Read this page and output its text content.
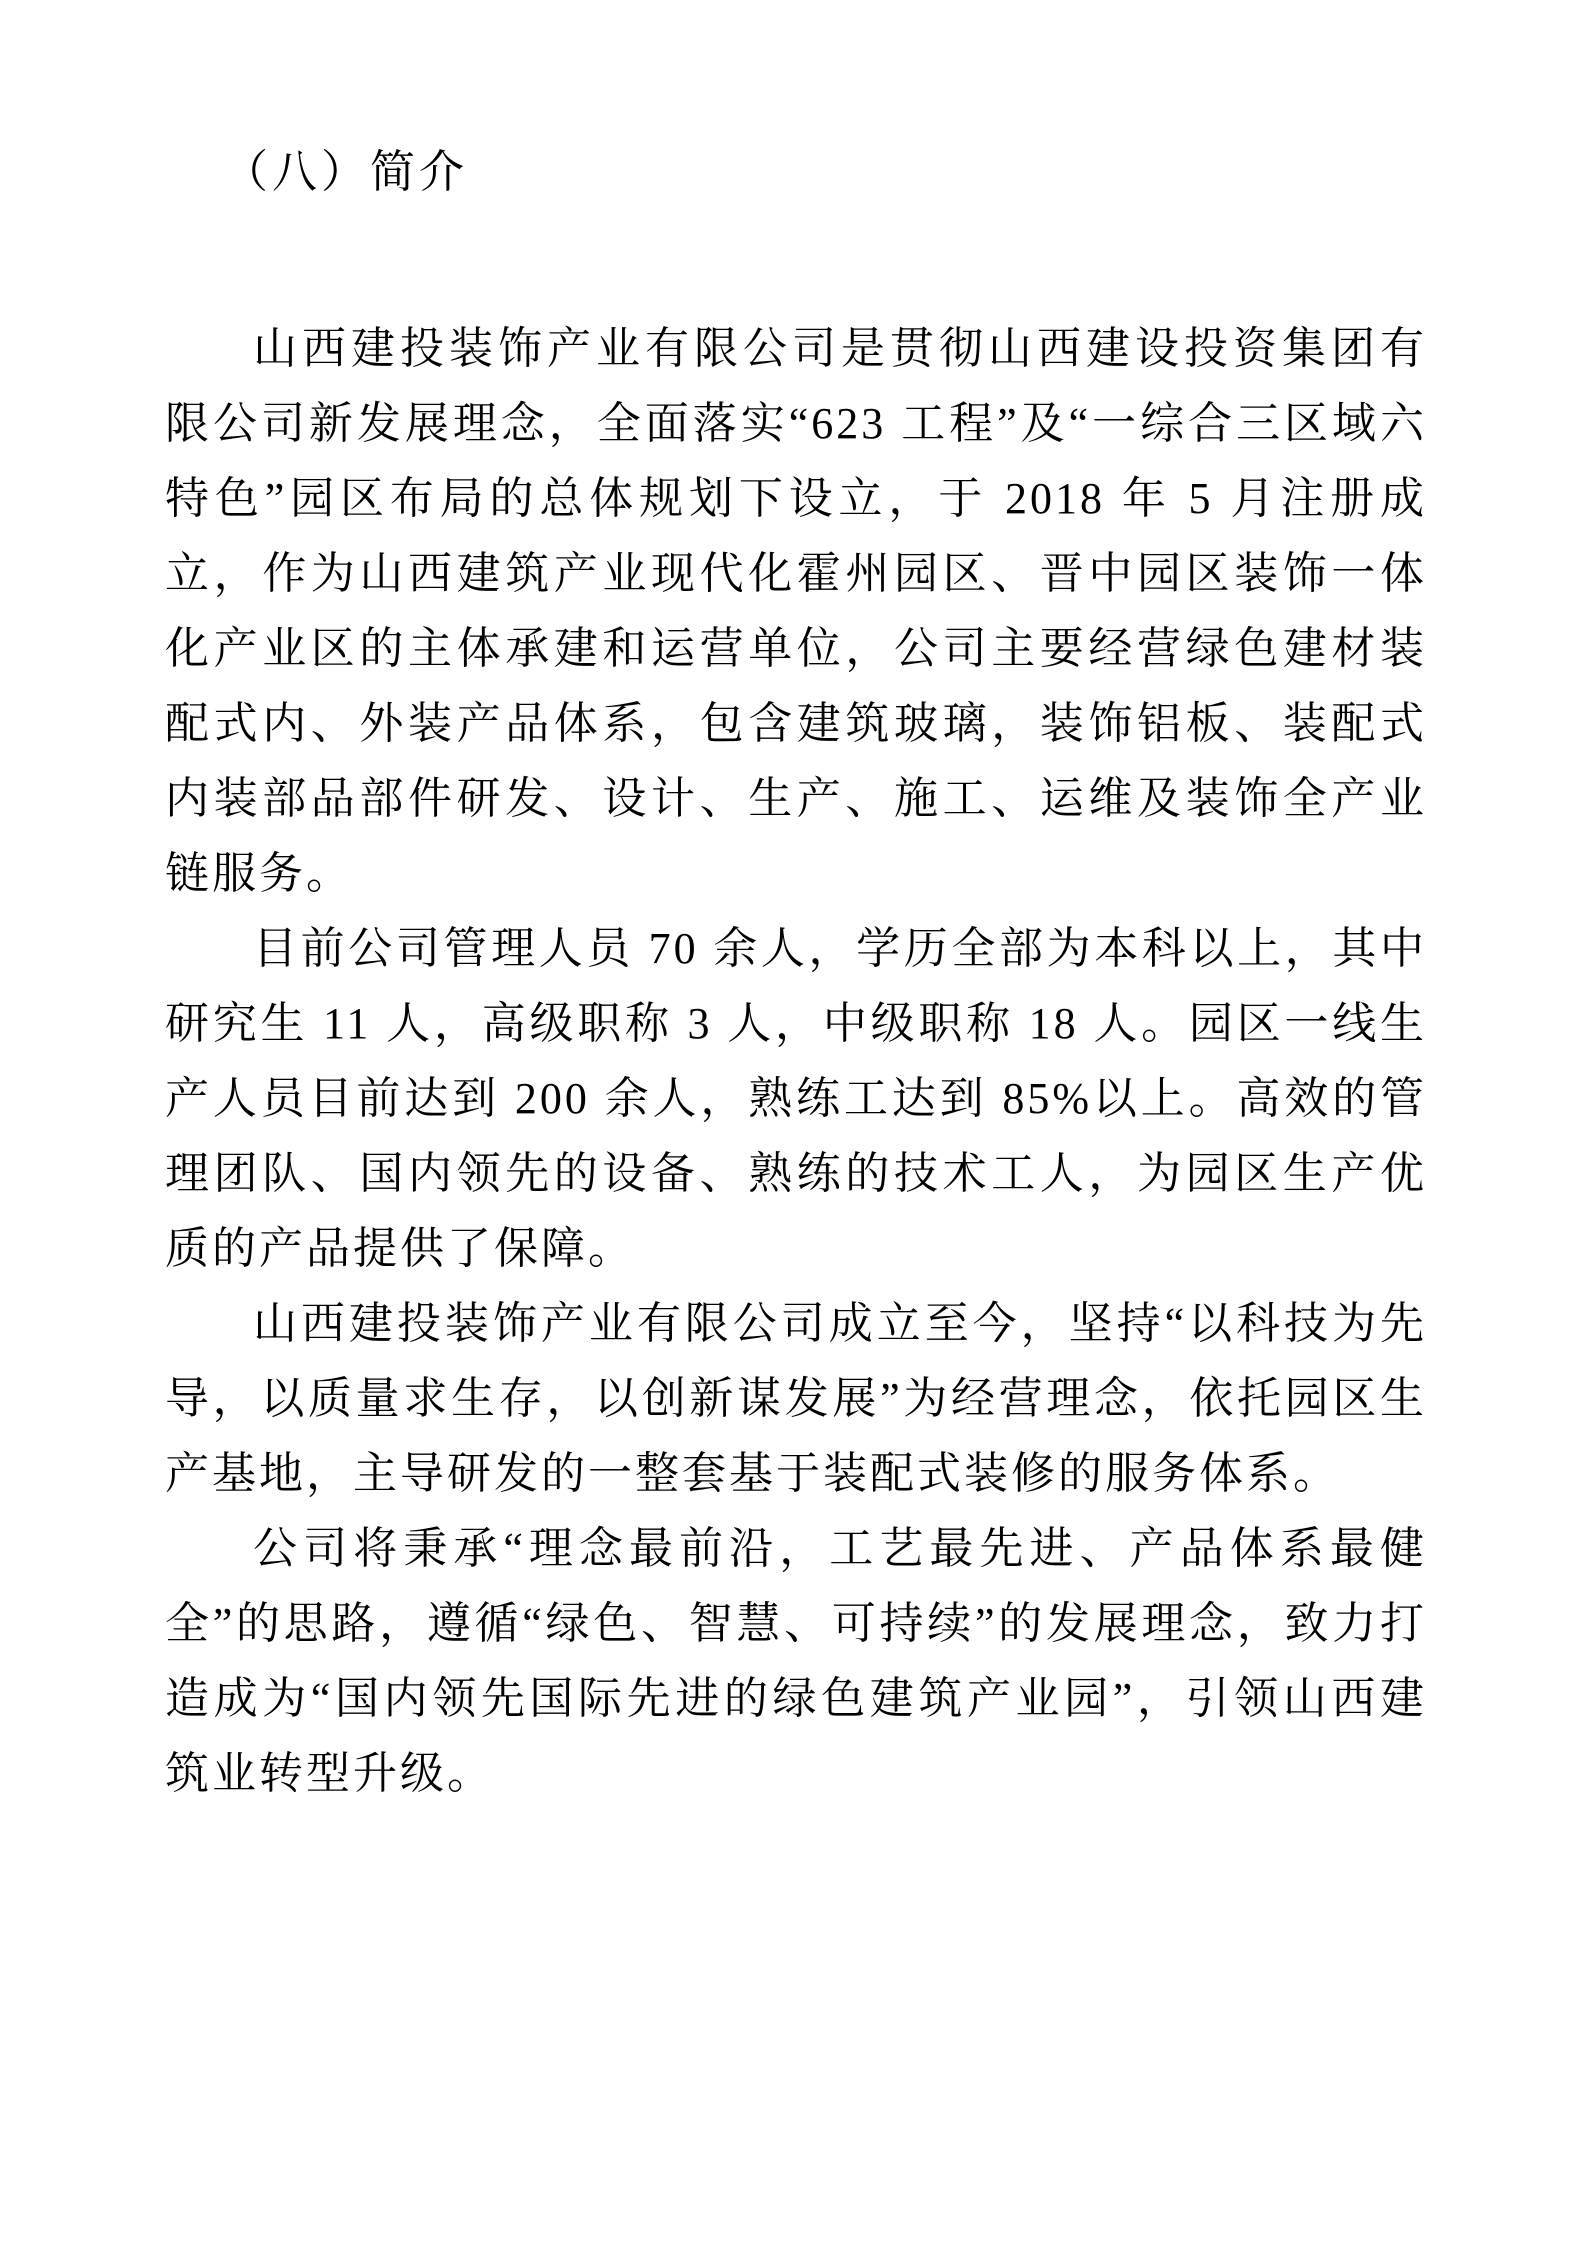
（八）简介

山西建投装饰产业有限公司是贯彻山西建设投资集团有限公司新发展理念，全面落实“623 工程”及“一综合三区域六特色”园区布局的总体规划下设立，于 2018 年 5 月注册成立，作为山西建筑产业现代化霍州园区、晋中园区装饰一体化产业区的主体承建和运营单位，公司主要经营绿色建材装配式内、外装产品体系，包含建筑玻璃，装饰铝板、装配式内装部品部件研发、设计、生产、施工、运维及装饰全产业链服务。

目前公司管理人员 70 余人，学历全部为本科以上，其中研究生 11 人，高级职称 3 人，中级职称 18 人。园区一线生产人员目前达到 200 余人，熟练工达到 85%以上。高效的管理团队、国内领先的设备、熟练的技术工人，为园区生产优质的产品提供了保障。

山西建投装饰产业有限公司成立至今，坚持“以科技为先导，以质量求生存，以创新谋发展”为经营理念，依托园区生产基地，主导研发的一整套基于装配式装修的服务体系。

公司将秉承“理念最前沿，工艺最先进、产品体系最健全”的思路，遵循“绿色、智慧、可持续”的发展理念，致力打造成为“国内领先国际先进的绿色建筑产业园”，引领山西建筑业转型升级。
